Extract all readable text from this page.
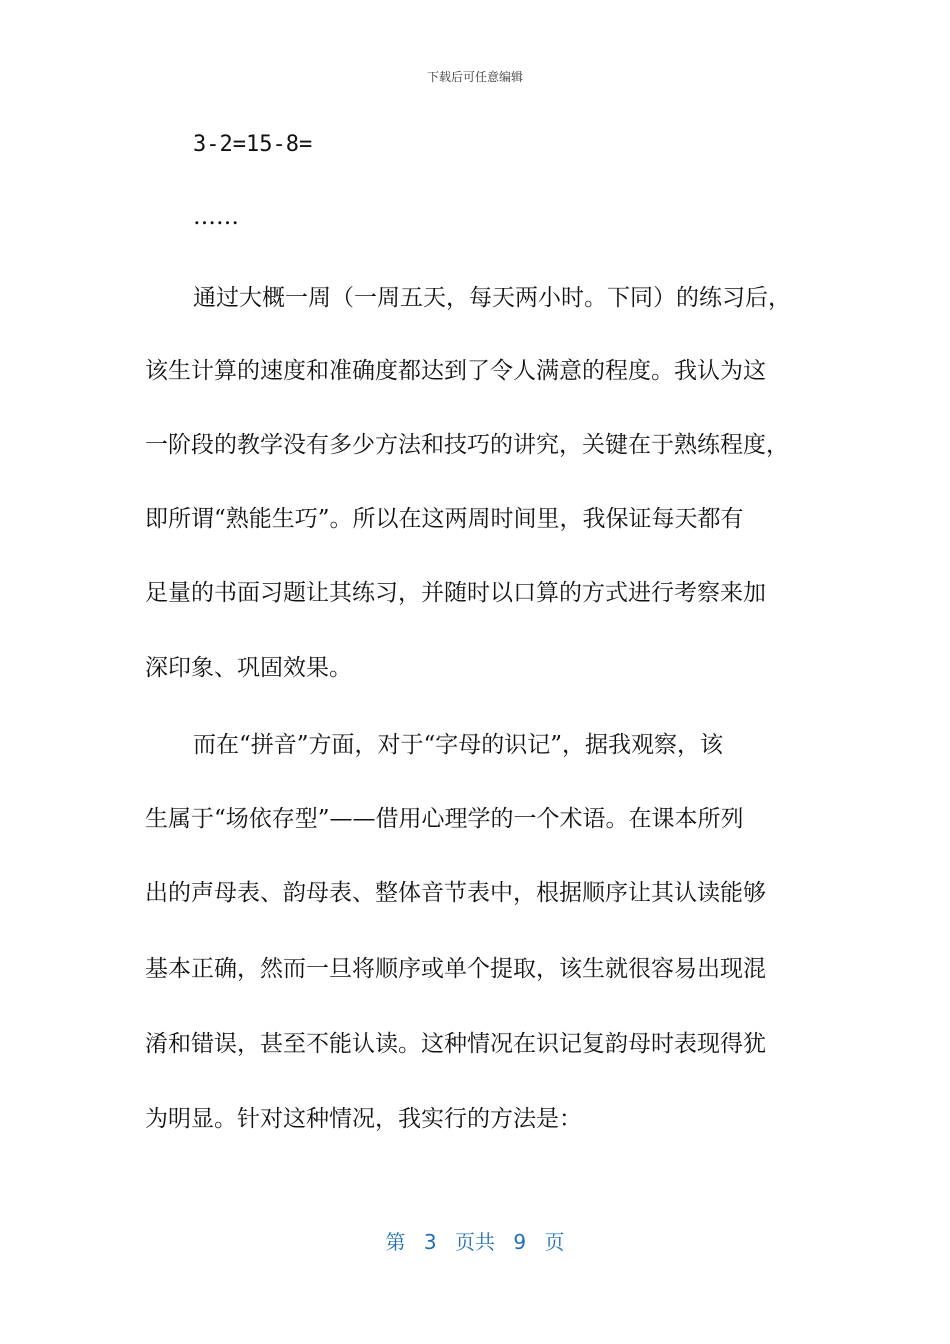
下载后可任意编辑
3-2=15-8=
……
通过大概一周（一周五天，每天两小时。下同）的练习后，
该生计算的速度和准确度都达到了令人满意的程度。我认为这
一阶段的教学没有多少方法和技巧的讲究，关键在于熟练程度，
即所谓“熟能生巧”。所以在这两周时间里，我保证每天都有
足量的书面习题让其练习，并随时以口算的方式进行考察来加
深印象、巩固效果。
而在“拼音”方面，对于“字母的识记”，据我观察，该
生属于“场依存型”——借用心理学的一个术语。在课本所列
出的声母表、韵母表、整体音节表中，根据顺序让其认读能够
基本正确，然而一旦将顺序或单个提取，该生就很容易出现混
淆和错误，甚至不能认读。这种情况在识记复韵母时表现得犹
为明显。针对这种情况，我实行的方法是：
第 3 页共 9 页
